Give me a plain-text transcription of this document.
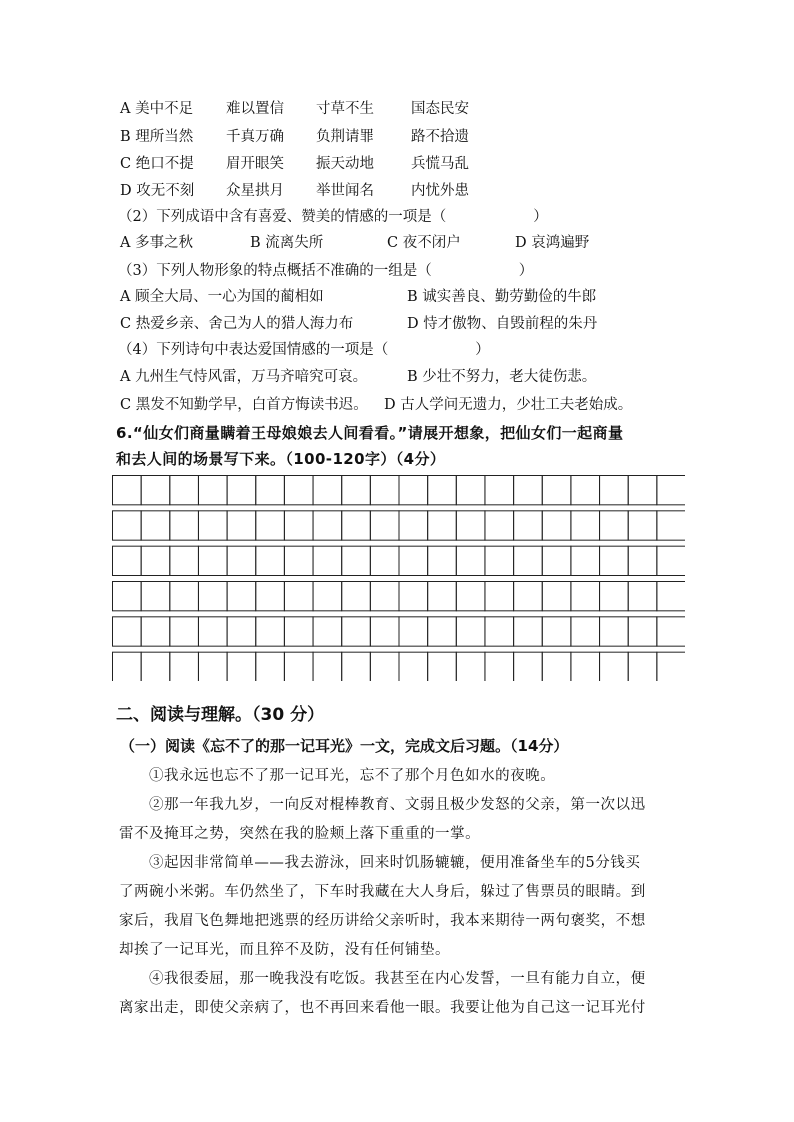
A 美中不足 难以置信 寸草不生	国态民安
B 理所当然 千真万确 负荆请罪	路不拾遗
C 绝口不提 眉开眼笑 振天动地	兵慌马乱
D 攻无不刻 众星拱月 举世闻名	内忧外患
（2）下列成语中含有喜爱、赞美的情感的一项是（　　　　　　）
A 多事之秋	B 流离失所	C 夜不闭户	D 哀鸿遍野
（3）下列人物形象的特点概括不准确的一组是（　　　　　　）
A 顾全大局、一心为国的蔺相如	B 诚实善良、勤劳勤俭的牛郎
C 热爱乡亲、舍己为人的猎人海力布	D 恃才傲物、自毁前程的朱丹
（4）下列诗句中表达爱国情感的一项是（　　　　　　）
A 九州生气恃风雷，万马齐喑究可哀。	B 少壮不努力，老大徒伤悲。
C 黑发不知勤学早，白首方悔读书迟。 D 古人学问无遗力，少壮工夫老始成。
6.“仙女们商量瞒着王母娘娘去人间看看。”请展开想象，把仙女们一起商量
和去人间的场景写下来。（100-120字）（4分）
二、阅读与理解。（30 分）
（一）阅读《忘不了的那一记耳光》一文，完成文后习题。（14分）
①我永远也忘不了那一记耳光，忘不了那个月色如水的夜晚。
②那一年我九岁，一向反对棍棒教育、文弱且极少发怒的父亲，第一次以迅
雷不及掩耳之势，突然在我的脸颊上落下重重的一掌。
③起因非常简单——我去游泳，回来时饥肠辘辘，便用准备坐车的5分钱买
了两碗小米粥。车仍然坐了，下车时我藏在大人身后，躲过了售票员的眼睛。到
家后，我眉飞色舞地把逃票的经历讲给父亲听时，我本来期待一两句褒奖，不想
却挨了一记耳光，而且猝不及防，没有任何铺垫。
④我很委屈，那一晚我没有吃饭。我甚至在内心发誓，一旦有能力自立，便
离家出走，即使父亲病了，也不再回来看他一眼。我要让他为自己这一记耳光付
